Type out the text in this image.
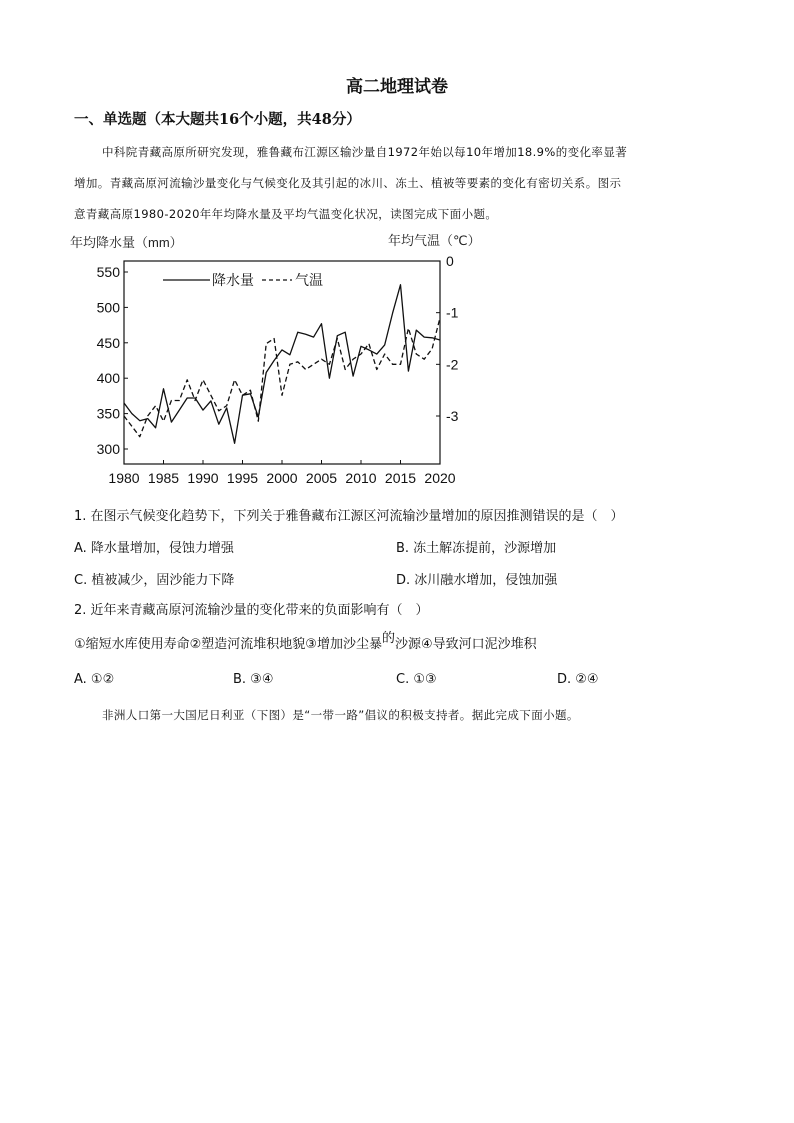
高二地理试卷
一、单选题（本大题共16个小题，共48分）
中科院青藏高原所研究发现，雅鲁藏布江源区输沙量自1972年始以每10年增加18.9%的变化率显著
增加。青藏高原河流输沙量变化与气候变化及其引起的冰川、冻土、植被等要素的变化有密切关系。图示
意青藏高原1980-2020年年均降水量及平均气温变化状况，读图完成下面小题。
年均降水量（mm）	年均气温（℃）
降水量	气温
1980 1985 1990 1995 2000 2005 2010 2015 2020
300
350
400
450
500
550
0
-1
-2
-3
1. 在图示气候变化趋势下，下列关于雅鲁藏布江源区河流输沙量增加的原因推测错误的是（　）
A. 降水量增加，侵蚀力增强	B. 冻土解冻提前，沙源增加
C. 植被减少，固沙能力下降	D. 冰川融水增加，侵蚀加强
2. 近年来青藏高原河流输沙量的变化带来的负面影响有（　）
①缩短水库使用寿命②塑造河流堆积地貌③增加沙尘暴的沙源④导致河口泥沙堆积
A. ①②	B. ③④	C. ①③	D. ②④
非洲人口第一大国尼日利亚（下图）是“一带一路”倡议的积极支持者。据此完成下面小题。
